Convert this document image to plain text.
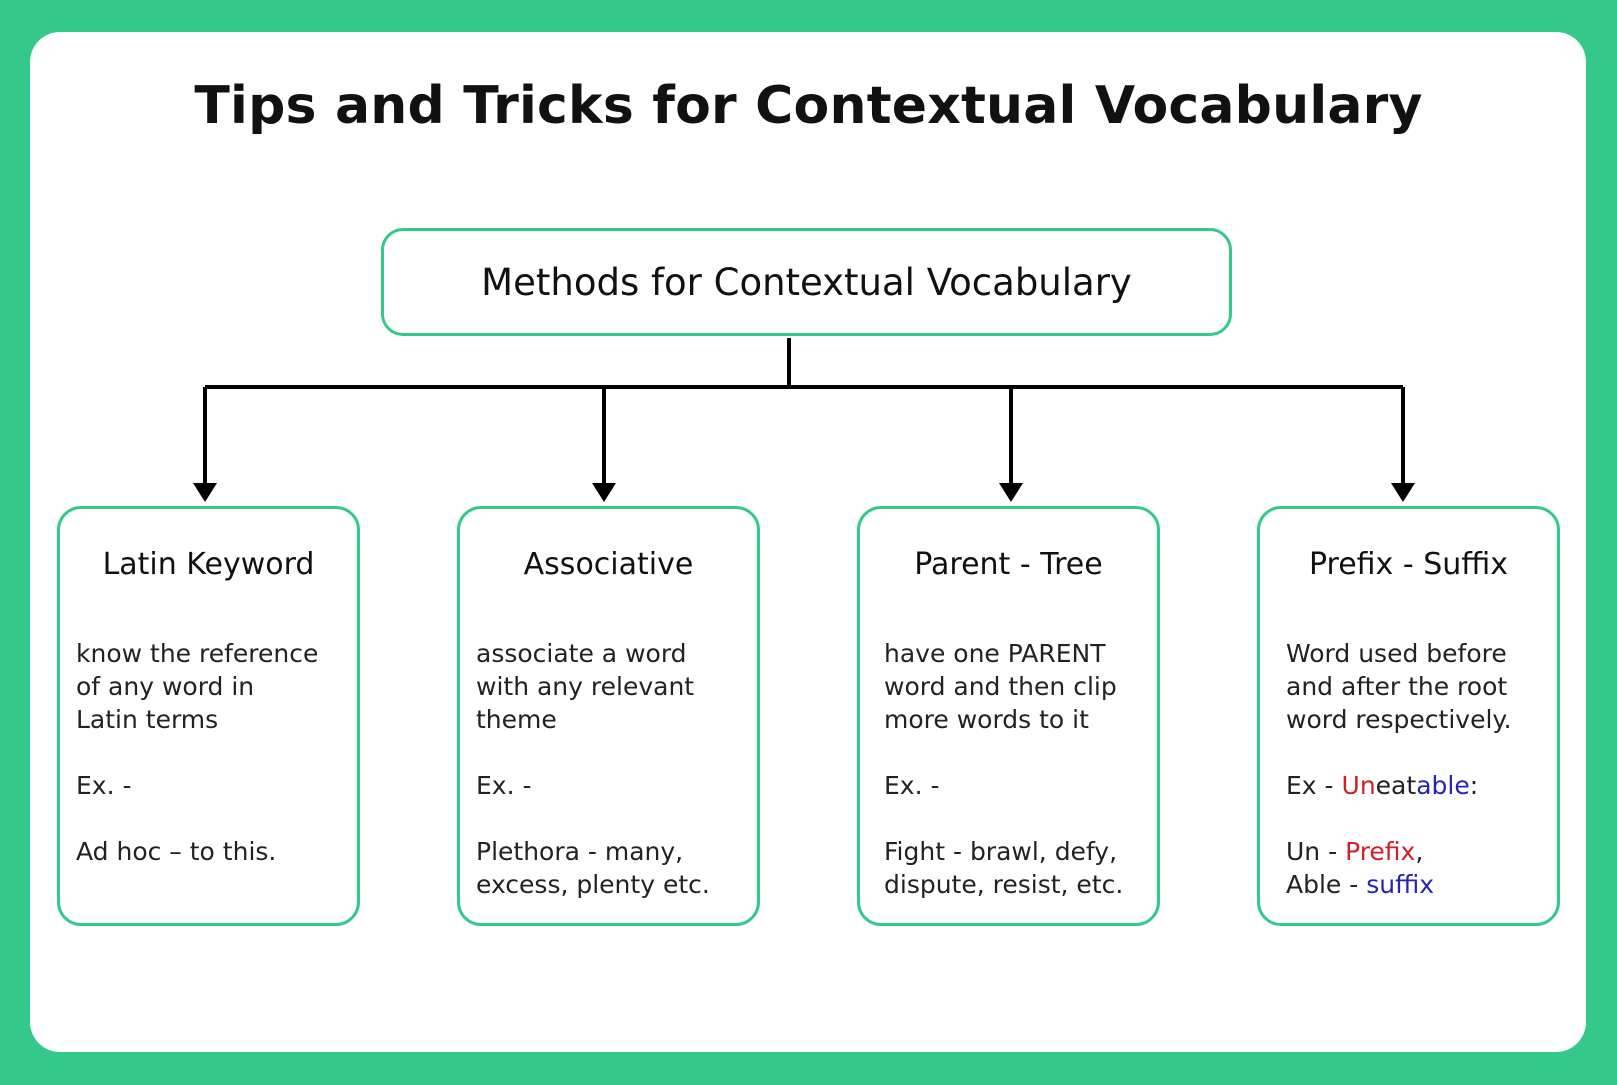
Tips and Tricks for Contextual Vocabulary
Methods for Contextual Vocabulary
Latin Keyword
know the reference
of any word in
Latin terms
Ex. -
Ad hoc – to this.
Associative
associate a word
with any relevant
theme
Ex. -
Plethora - many,
excess, plenty etc.
Parent - Tree
have one PARENT
word and then clip
more words to it
Ex. -
Fight - brawl, defy,
dispute, resist, etc.
Prefix - Suffix
Word used before
and after the root
word respectively.
Ex - Uneatable:
Un - Prefix,
Able - suffix
